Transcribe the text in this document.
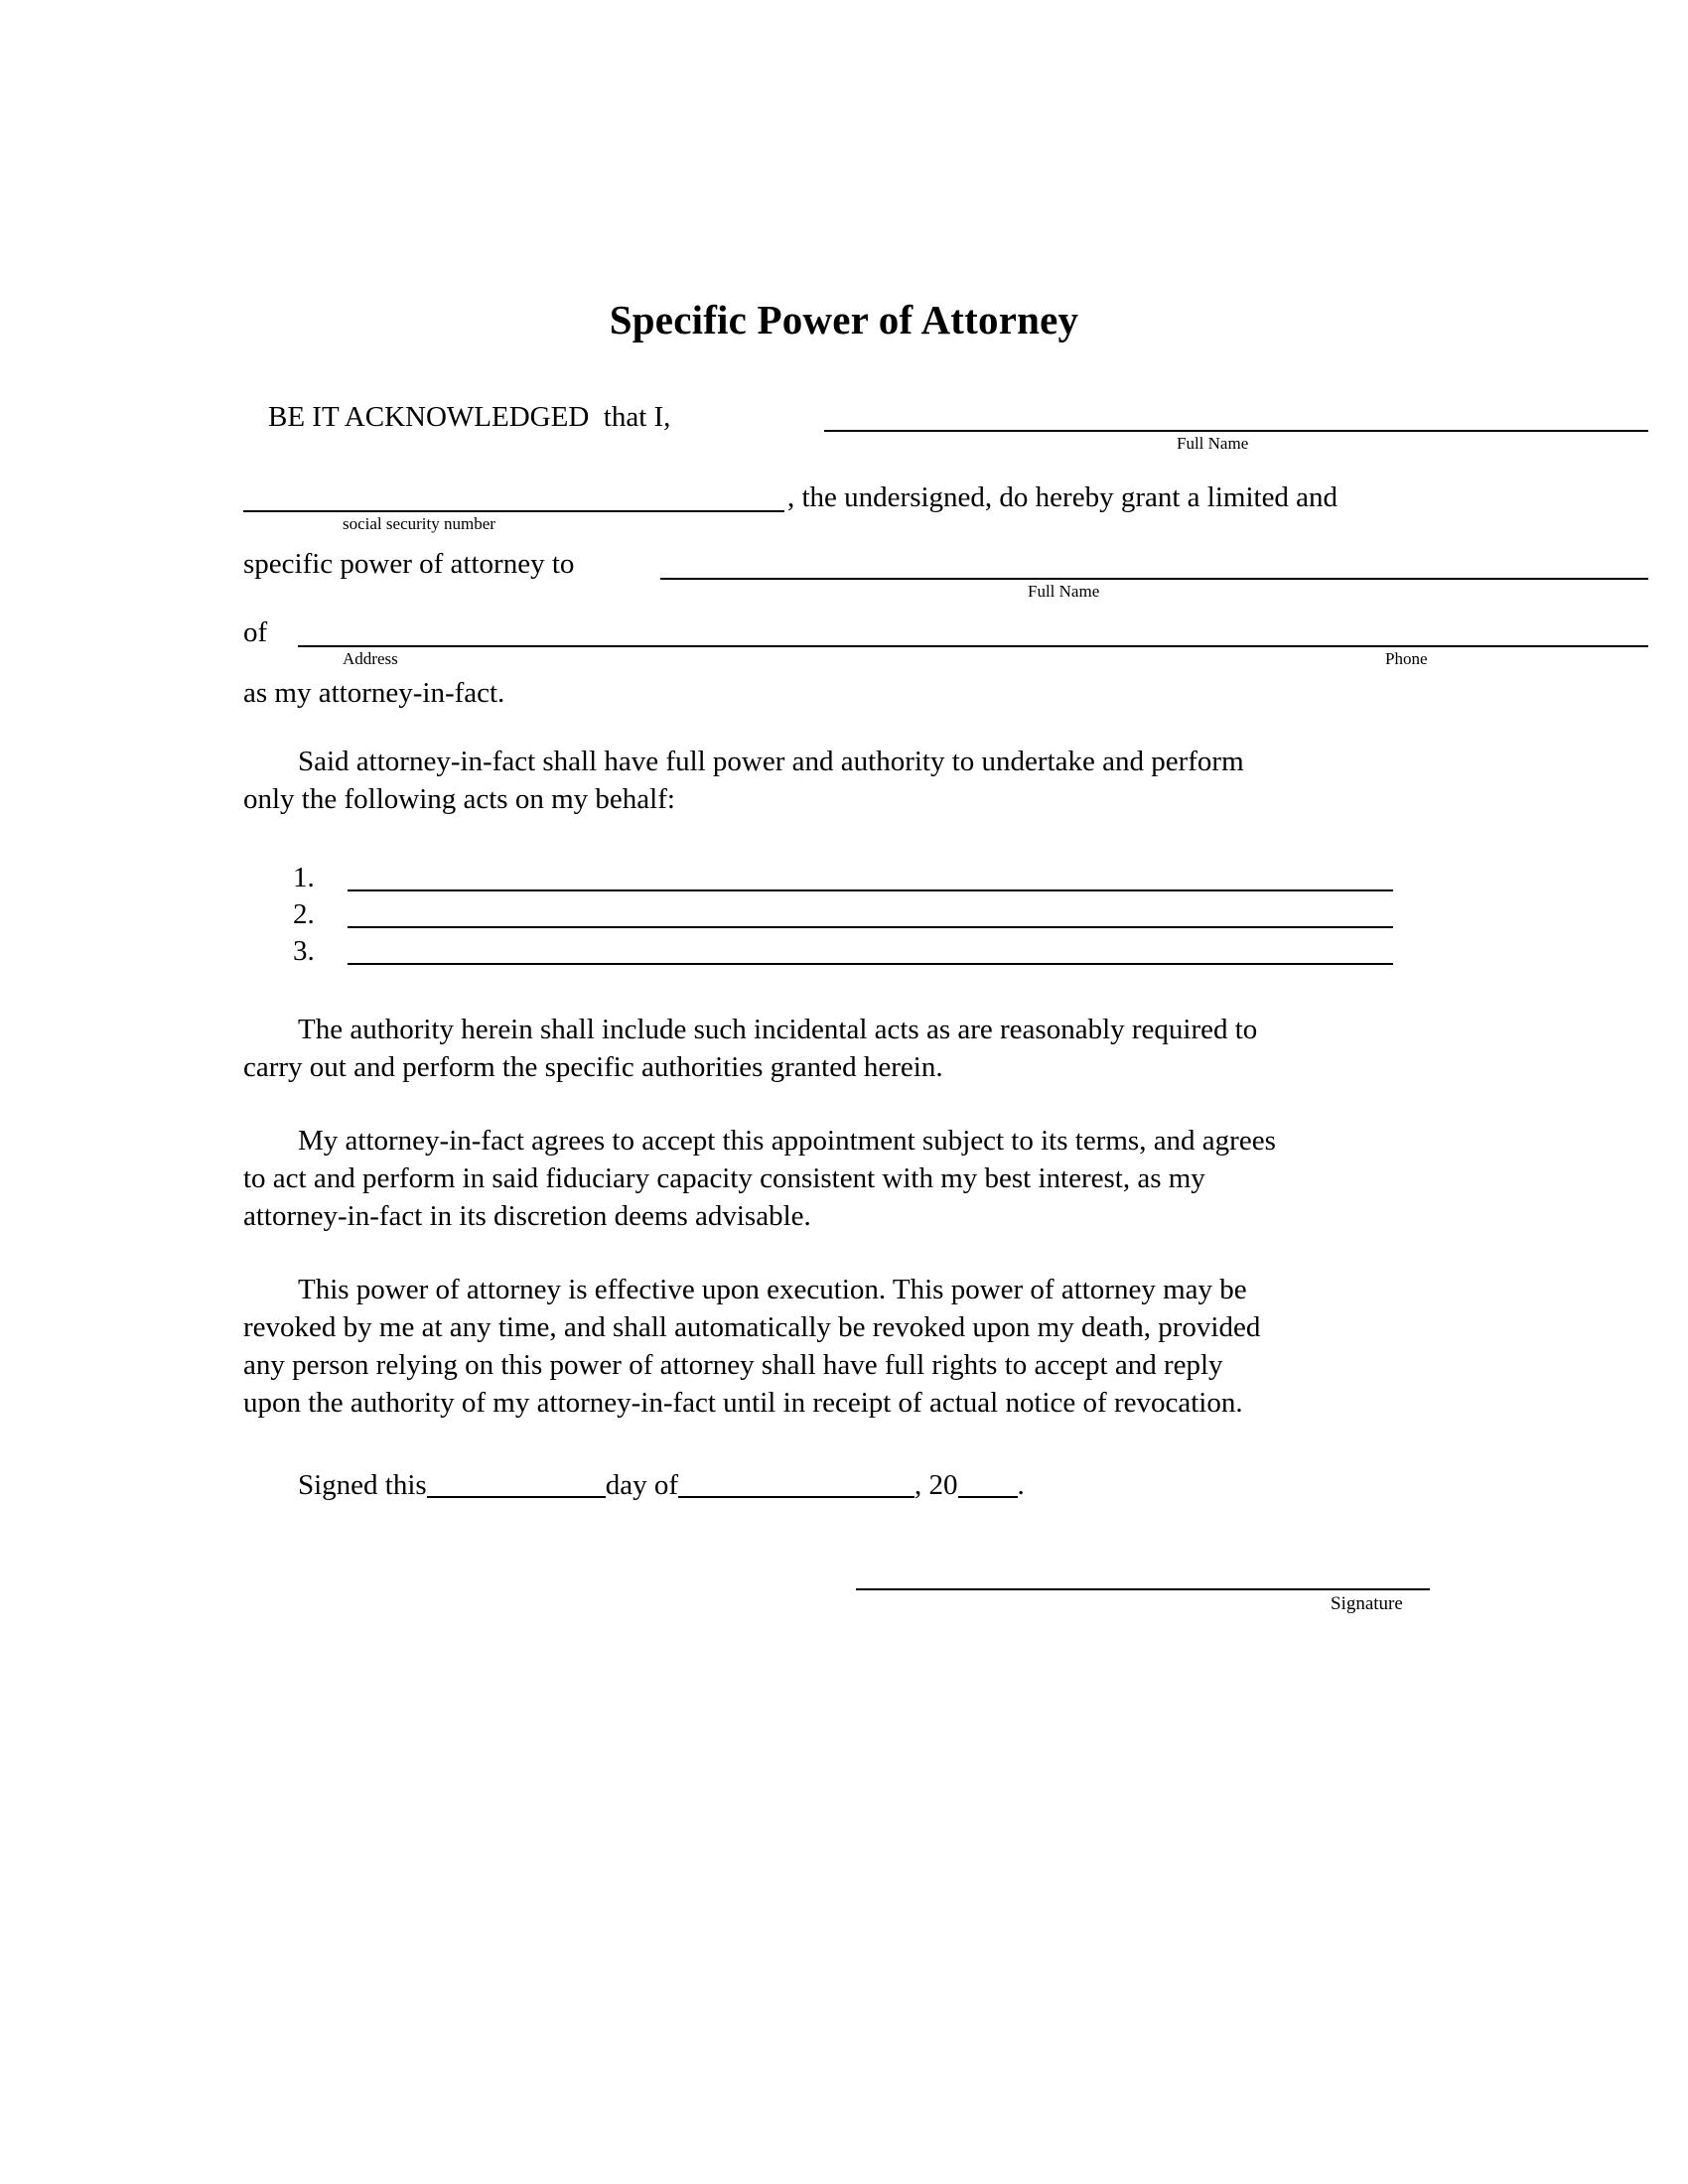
Specific Power of Attorney
BE IT ACKNOWLEDGED that I,
Full Name
, the undersigned, do hereby grant a limited and
social security number
specific power of attorney to
Full Name
of
Address	Phone
as my attorney-in-fact.
Said attorney-in-fact shall have full power and authority to undertake and perform
only the following acts on my behalf:
1.
2.
3.
The authority herein shall include such incidental acts as are reasonably required to
carry out and perform the specific authorities granted herein.
My attorney-in-fact agrees to accept this appointment subject to its terms, and agrees
to act and perform in said fiduciary capacity consistent with my best interest, as my
attorney-in-fact in its discretion deems advisable.
This power of attorney is effective upon execution. This power of attorney may be
revoked by me at any time, and shall automatically be revoked upon my death, provided
any person relying on this power of attorney shall have full rights to accept and reply
upon the authority of my attorney-in-fact until in receipt of actual notice of revocation.
Signed this	day of	, 20 .
Signature
